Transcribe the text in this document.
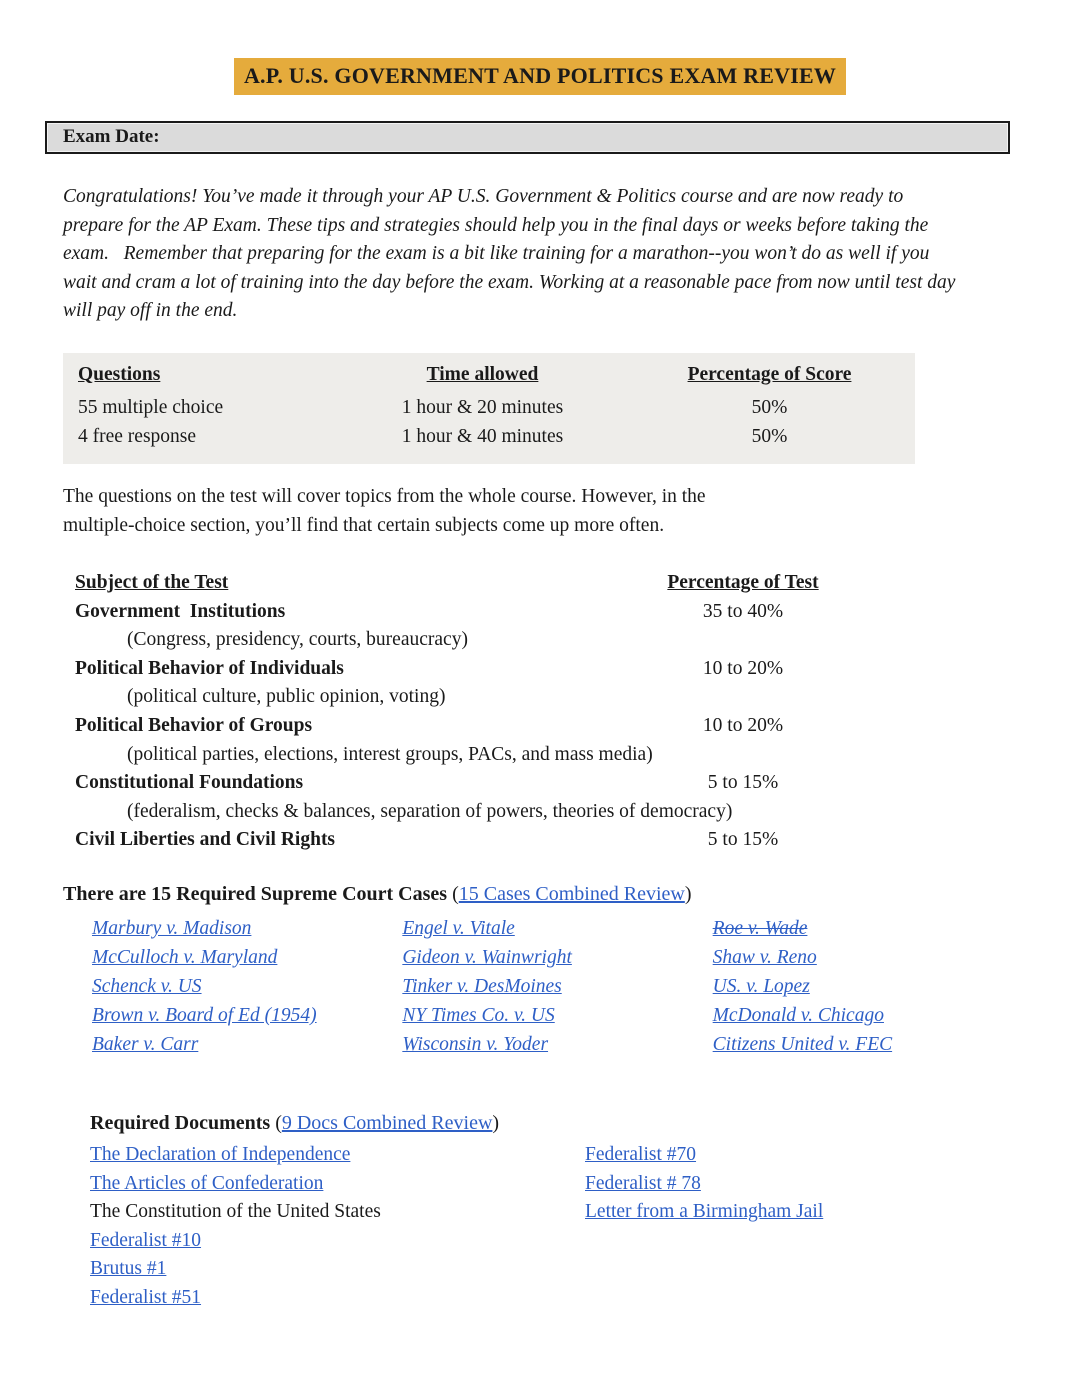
A.P. U.S. GOVERNMENT AND POLITICS EXAM REVIEW
Exam Date:
Congratulations! You’ve made it through your AP U.S. Government & Politics course and are now ready to
prepare for the AP Exam. These tips and strategies should help you in the final days or weeks before taking the
exam.   Remember that preparing for the exam is a bit like training for a marathon--you won’t do as well if you
wait and cram a lot of training into the day before the exam. Working at a reasonable pace from now until test day
will pay off in the end.
Questions	Time allowed	Percentage of Score
55 multiple choice	1 hour & 20 minutes	50%
4 free response	1 hour & 40 minutes	50%
The questions on the test will cover topics from the whole course. However, in the
multiple-choice section, you’ll find that certain subjects come up more often.
Subject of the Test	Percentage of Test
Government  Institutions	35 to 40%
(Congress, presidency, courts, bureaucracy)
Political Behavior of Individuals	10 to 20%
(political culture, public opinion, voting)
Political Behavior of Groups	10 to 20%
(political parties, elections, interest groups, PACs, and mass media)
Constitutional Foundations	5 to 15%
(federalism, checks & balances, separation of powers, theories of democracy)
Civil Liberties and Civil Rights	5 to 15%
There are 15 Required Supreme Court Cases (15 Cases Combined Review)
Marbury v. Madison
McCulloch v. Maryland
Schenck v. US
Brown v. Board of Ed (1954)
Baker v. Carr
Engel v. Vitale
Gideon v. Wainwright
Tinker v. DesMoines
NY Times Co. v. US
Wisconsin v. Yoder
Roe v. Wade
Shaw v. Reno
US. v. Lopez
McDonald v. Chicago
Citizens United v. FEC
Required Documents (9 Docs Combined Review)
The Declaration of Independence
The Articles of Confederation
The Constitution of the United States
Federalist #10
Brutus #1
Federalist #51
Federalist #70
Federalist # 78
Letter from a Birmingham Jail
